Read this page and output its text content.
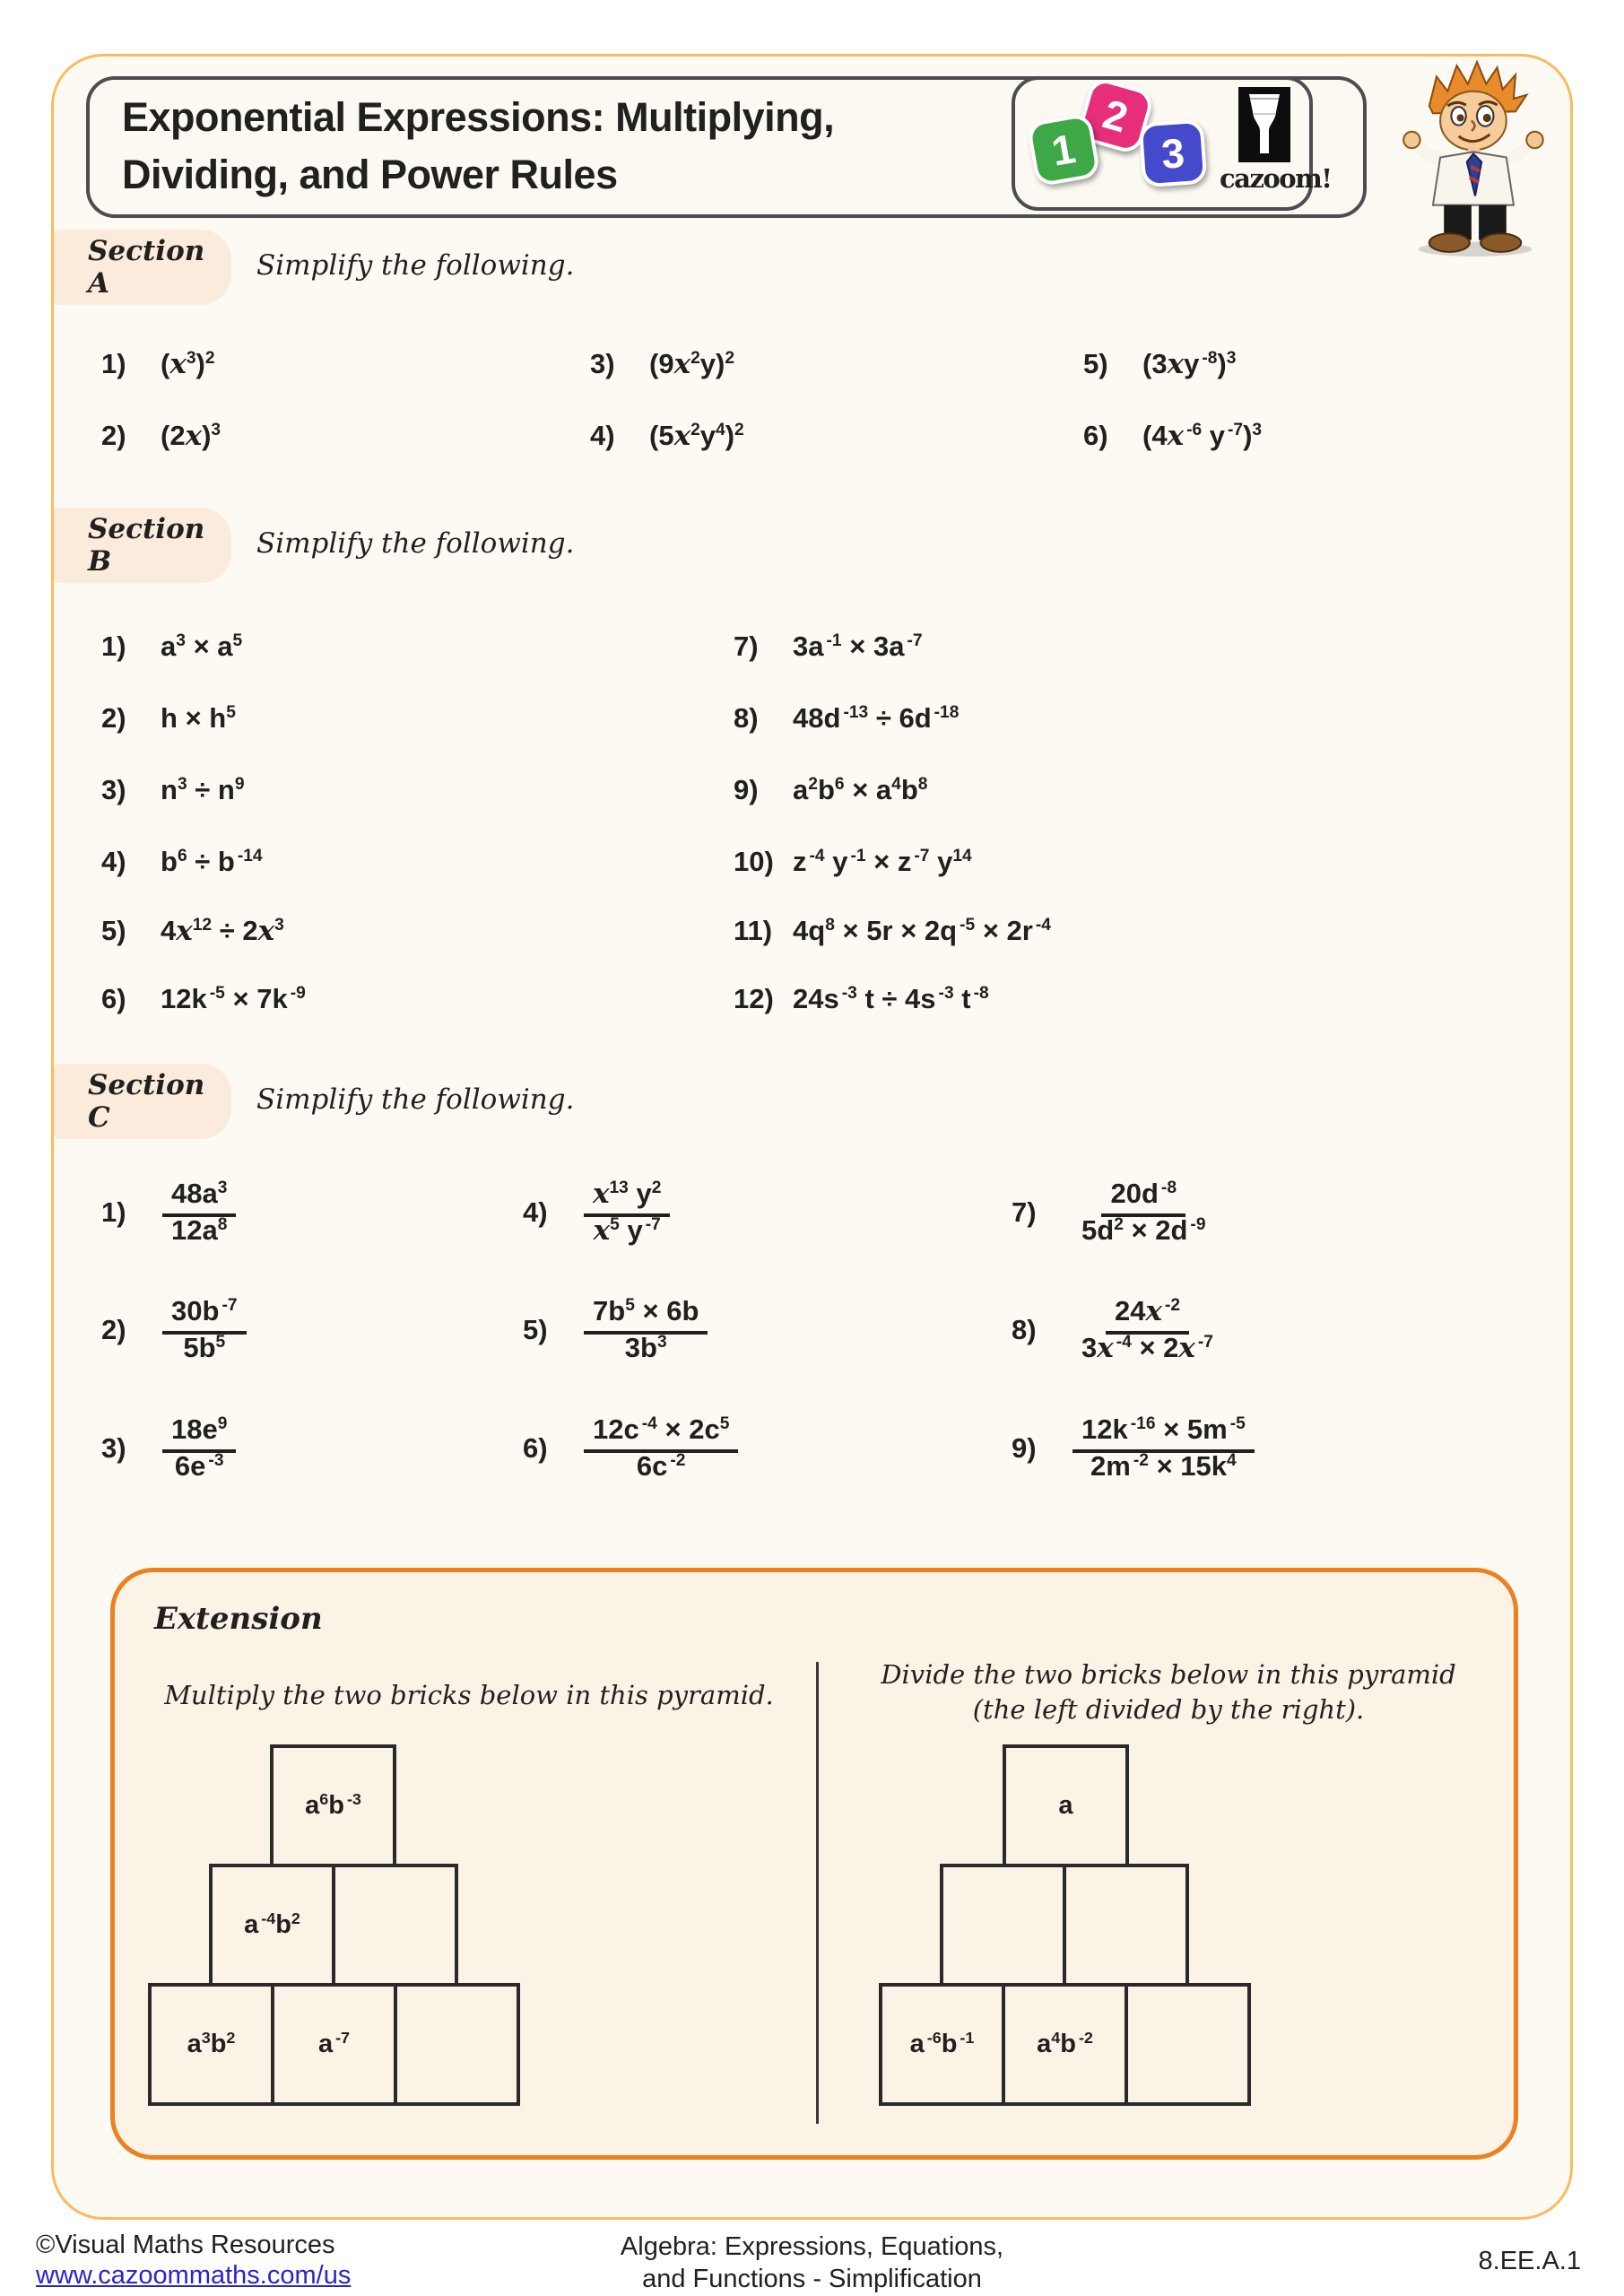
Exponential Expressions: Multiplying,
Dividing, and Power Rules
2
1 3
cazoom!
Section A
Simplify the following.
1)	$(x^3)^2$
2)	$(2x)^3$
3)	$(9x^2y)^2$
4)	$(5x^2y^4)^2$
5)	(3xy $^{-8}$)$^3$
6)	(4x $^{-6}$ y $^{-7}$)$^3$
Section B
Simplify the following.
1)	$a^3 \times a^5$
2)	$h \times h^5$
3)	$n^3 \div n^9$
4)	$b^6 \div b$ $^{-14}$
5)	$4x^{12} \div 2x^3$
6)	12k $^{-5}$ × 7k $^{-9}$
7)	3a $^{-1}$ × 3a $^{-7}$
8)	48d $^{-13}$ ÷ 6d $^{-18}$
9)	$a^2b^6 \times a^4b^8$
10) z $^{-4}$ y $^{-1}$ × z $^{-7}$ $y^{14}$
11) $4q^8 \times 5r \times 2q$ $^{-5}$ × 2r $^{-4}$
12) 24s $^{-3}$ t ÷ 4s $^{-3}$ t $^{-8}$
Section C
Simplify the following.
1)	$\frac{48a^3}{12a^8}$
2)	$\frac{30b ^{-7}}{5b^5}$
3)	$\frac{18e^9}{6e ^{-3}}$
4)	$\frac{x^{13} y^2}{x^5 y ^{-7}}$
5)	$\frac{7b^5 \times 6b}{3b^3}$
6)	$\frac{12c ^{-4} \times 2c^5}{6c ^{-2}}$
7)	$\frac{20d ^{-8}}{5d^2 \times 2d ^{-9}}$
8)	$\frac{24x ^{-2}}{3x ^{-4} \times 2x ^{-7}}$
9)	$\frac{12k ^{-16} \times 5m ^{-5}}{2m ^{-2} \times 15k^4}$
Extension
Multiply the two bricks below in this pyramid.
Divide the two bricks below in this pyramid
(the left divided by the right).
$a^6b$ $^{-3}$
a $^{-4}b^2$
$a^3b^2$	a $^{-7}$
a
a $^{-6}$b $^{-1}$ $a^4b$ $^{-2}$
©Visual Maths Resources
www.cazoommaths.com/us
Algebra: Expressions, Equations,
and Functions - Simplification
8.EE.A.1
